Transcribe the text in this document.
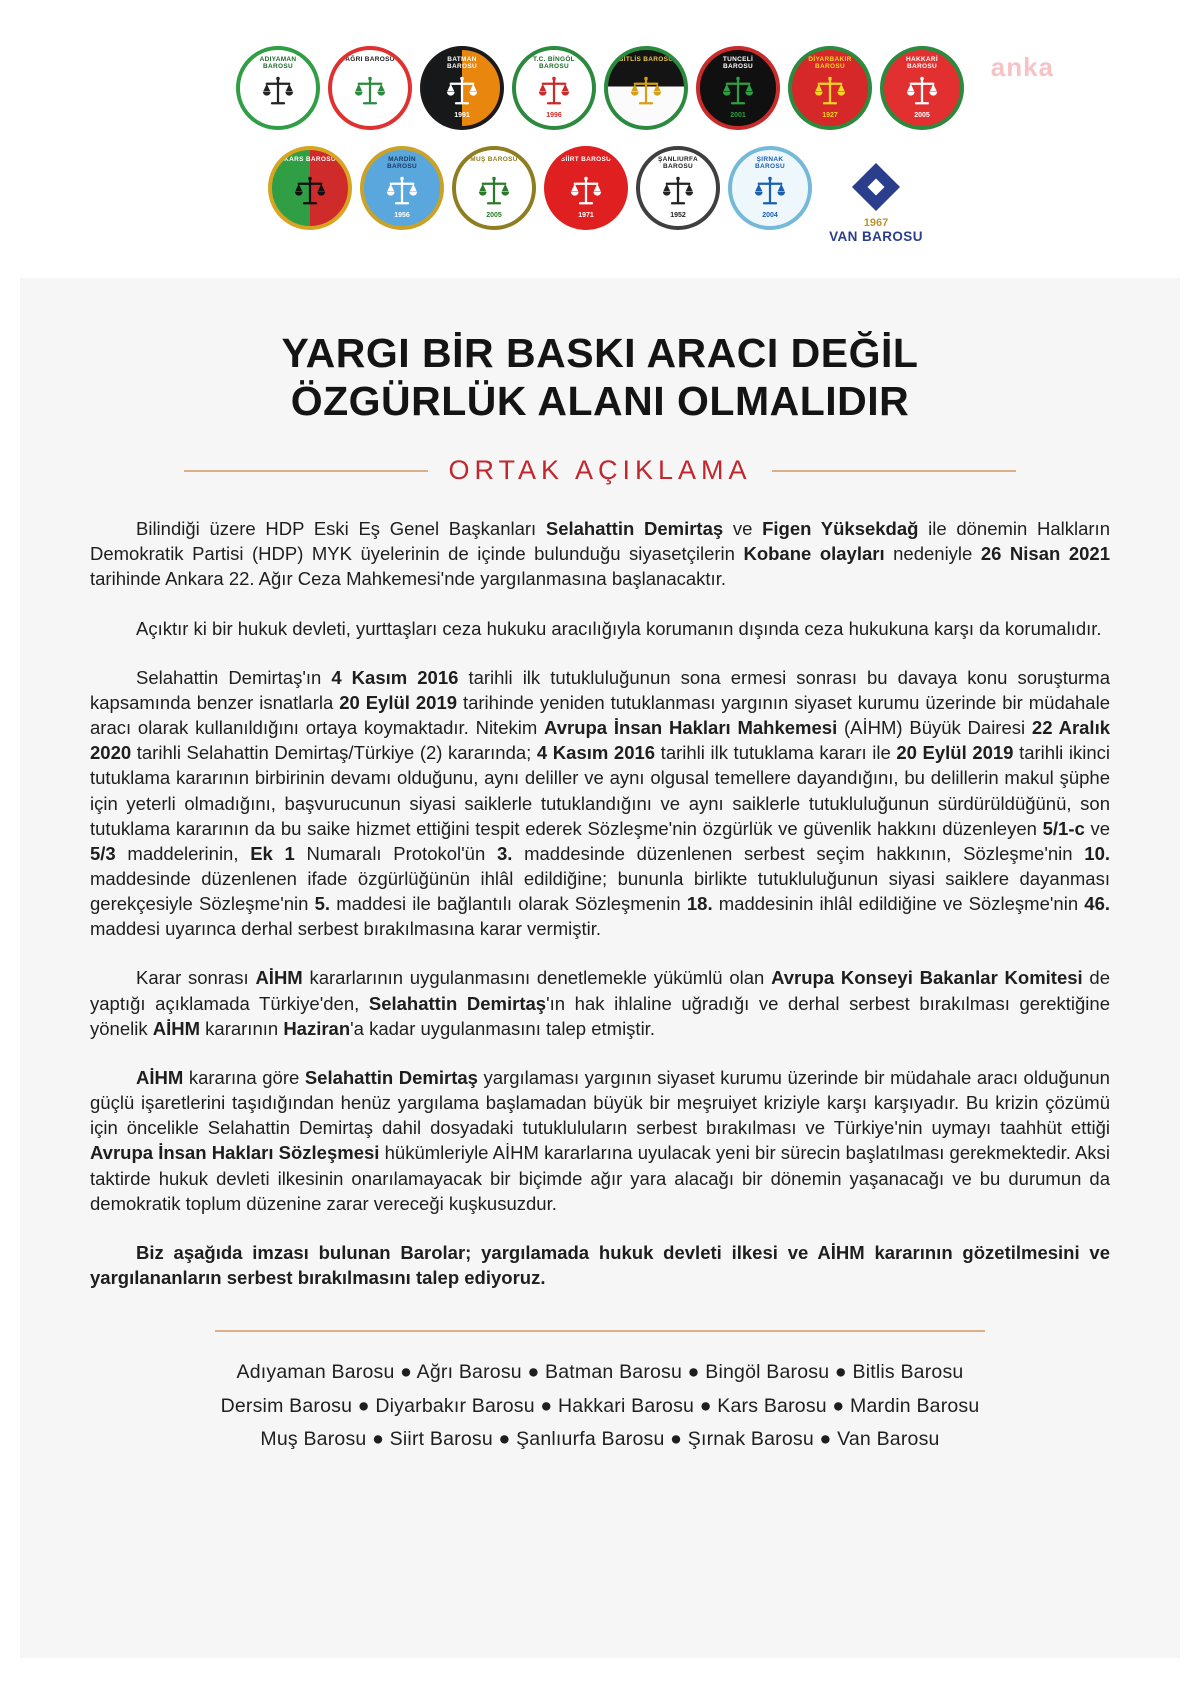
anka
ADIYAMAN BAROSU
AĞRI BAROSU	BATMAN BAROSU
1991
T.C. BİNGÖL BAROSU
1996
BİTLİS BAROSU	TUNCELİ BAROSU
2001
DİYARBAKIR BAROSU
1927
HAKKARİ BAROSU
2005
KARS BAROSU	MARDİN BAROSU
1956
MUŞ BAROSU
2005
SİİRT BAROSU
1971
ŞANLIURFA BAROSU
1952
ŞIRNAK BAROSU
2004
1967
VAN BAROSU
YARGI BİR BASKI ARACI DEĞİL
ÖZGÜRLÜK ALANI OLMALIDIR
ORTAK AÇIKLAMA

Bilindiği üzere HDP Eski Eş Genel Başkanları Selahattin Demirtaş ve Figen Yüksekdağ ile dönemin Halkların Demokratik Partisi (HDP) MYK üyelerinin de içinde bulunduğu siyasetçilerin Kobane olayları nedeniyle 26 Nisan 2021 tarihinde Ankara 22. Ağır Ceza Mahkemesi'nde yargılanmasına başlanacaktır.

Açıktır ki bir hukuk devleti, yurttaşları ceza hukuku aracılığıyla korumanın dışında ceza hukukuna karşı da korumalıdır.

Selahattin Demirtaş'ın 4 Kasım 2016 tarihli ilk tutukluluğunun sona ermesi sonrası bu davaya konu soruşturma kapsamında benzer isnatlarla 20 Eylül 2019 tarihinde yeniden tutuklanması yargının siyaset kurumu üzerinde bir müdahale aracı olarak kullanıldığını ortaya koymaktadır. Nitekim Avrupa İnsan Hakları Mahkemesi (AİHM) Büyük Dairesi 22 Aralık 2020 tarihli Selahattin Demirtaş/Türkiye (2) kararında; 4 Kasım 2016 tarihli ilk tutuklama kararı ile 20 Eylül 2019 tarihli ikinci tutuklama kararının birbirinin devamı olduğunu, aynı deliller ve aynı olgusal temellere dayandığını, bu delillerin makul şüphe için yeterli olmadığını, başvurucunun siyasi saiklerle tutuklandığını ve aynı saiklerle tutukluluğunun sürdürüldüğünü, son tutuklama kararının da bu saike hizmet ettiğini tespit ederek Sözleşme'nin özgürlük ve güvenlik hakkını düzenleyen 5/1-c ve 5/3 maddelerinin, Ek 1 Numaralı Protokol'ün 3. maddesinde düzenlenen serbest seçim hakkının, Sözleşme'nin 10. maddesinde düzenlenen ifade özgürlüğünün ihlâl edildiğine; bununla birlikte tutukluluğunun siyasi saiklere dayanması gerekçesiyle Sözleşme'nin 5. maddesi ile bağlantılı olarak Sözleşmenin 18. maddesinin ihlâl edildiğine ve Sözleşme'nin 46. maddesi uyarınca derhal serbest bırakılmasına karar vermiştir.

Karar sonrası AİHM kararlarının uygulanmasını denetlemekle yükümlü olan Avrupa Konseyi Bakanlar Komitesi de yaptığı açıklamada Türkiye'den, Selahattin Demirtaş'ın hak ihlaline uğradığı ve derhal serbest bırakılması gerektiğine yönelik AİHM kararının Haziran'a kadar uygulanmasını talep etmiştir.

AİHM kararına göre Selahattin Demirtaş yargılaması yargının siyaset kurumu üzerinde bir müdahale aracı olduğunun güçlü işaretlerini taşıdığından henüz yargılama başlamadan büyük bir meşruiyet kriziyle karşı karşıyadır. Bu krizin çözümü için öncelikle Selahattin Demirtaş dahil dosyadaki tutukluluların serbest bırakılması ve Türkiye'nin uymayı taahhüt ettiği Avrupa İnsan Hakları Sözleşmesi hükümleriyle AİHM kararlarına uyulacak yeni bir sürecin başlatılması gerekmektedir. Aksi taktirde hukuk devleti ilkesinin onarılamayacak bir biçimde ağır yara alacağı bir dönemin yaşanacağı ve bu durumun da demokratik toplum düzenine zarar vereceği kuşkusuzdur.

Biz aşağıda imzası bulunan Barolar; yargılamada hukuk devleti ilkesi ve AİHM kararının gözetilmesini ve yargılananların serbest bırakılmasını talep ediyoruz.

Adıyaman Barosu ● Ağrı Barosu ● Batman Barosu ● Bingöl Barosu ● Bitlis Barosu
Dersim Barosu ● Diyarbakır Barosu ● Hakkari Barosu ● Kars Barosu ● Mardin Barosu
Muş Barosu ● Siirt Barosu ● Şanlıurfa Barosu ● Şırnak Barosu ● Van Barosu
